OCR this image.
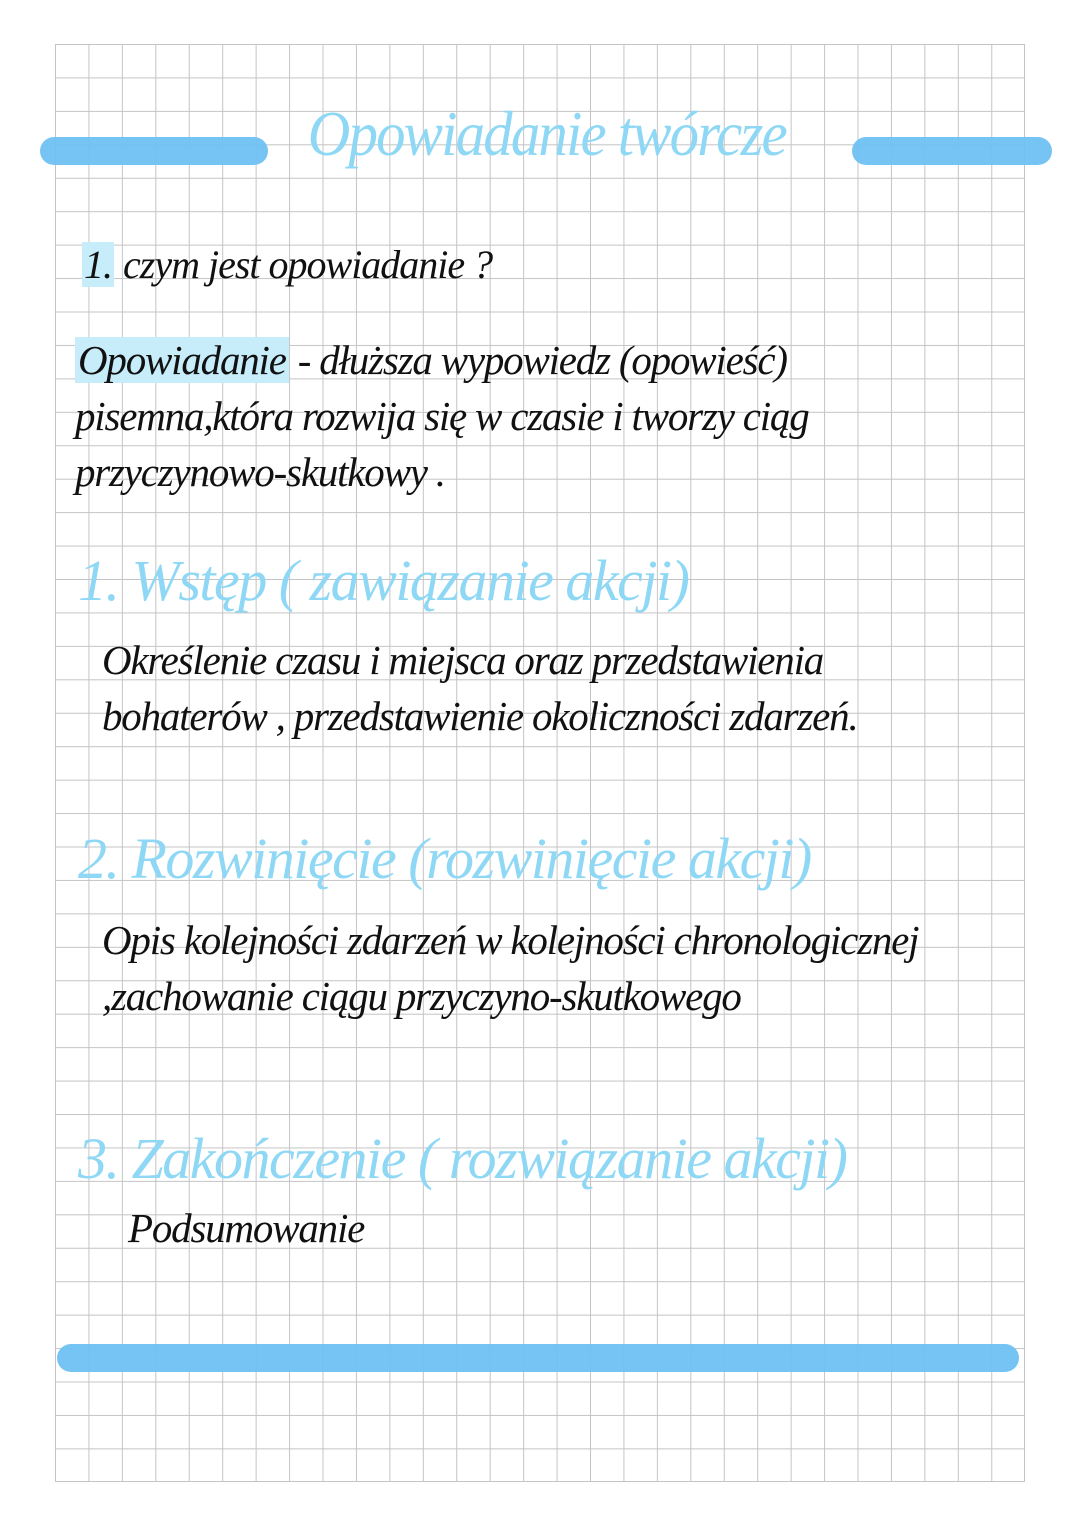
Opowiadanie twórcze
1. czym jest opowiadanie ?
Opowiadanie - dłuższa wypowiedz (opowieść) pisemna,która rozwija się w czasie i tworzy ciąg przyczynowo-skutkowy .
1. Wstęp ( zawiązanie akcji)
Określenie czasu i miejsca oraz przedstawienia bohaterów , przedstawienie okoliczności zdarzeń.
2. Rozwinięcie (rozwinięcie akcji)
Opis kolejności zdarzeń w kolejności chronologicznej ,zachowanie ciągu przyczyno-skutkowego
3. Zakończenie ( rozwiązanie akcji)
Podsumowanie
